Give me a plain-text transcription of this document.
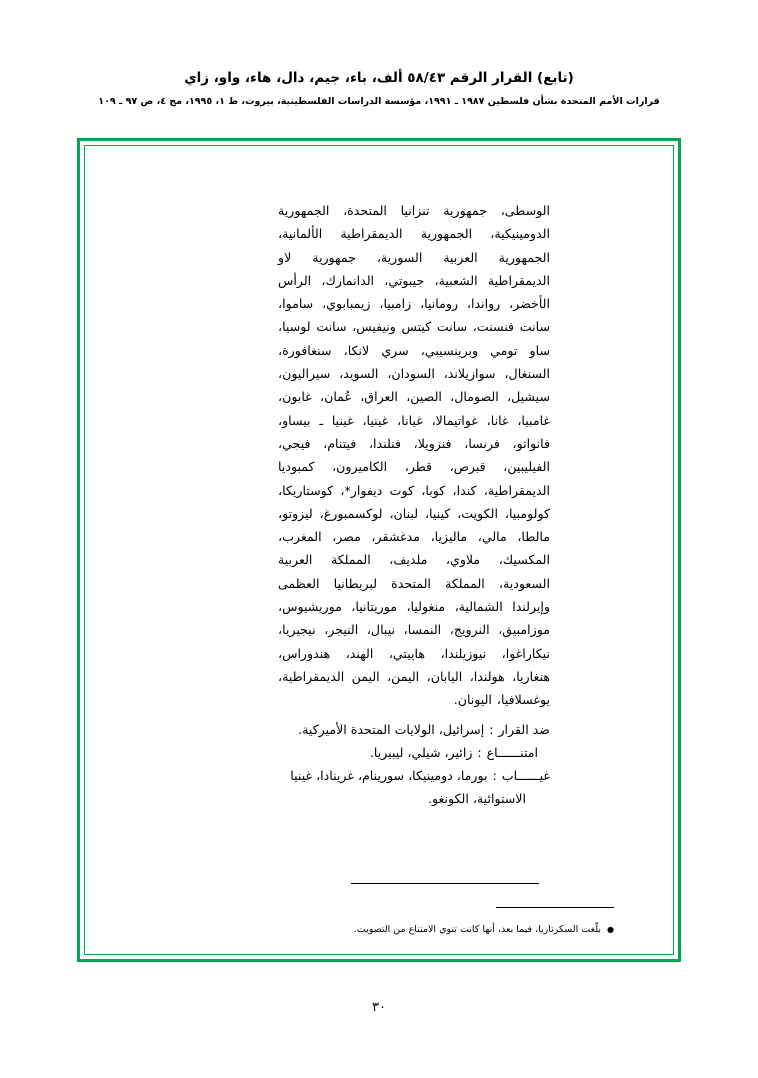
(تابع) القرار الرقم ٥٨/٤٣ ألف، باء، جيم، دال، هاء، واو، زاي
قرارات الأمم المتحدة بشأن فلسطين ١٩٨٧ ـ ١٩٩١، مؤسسة الدراسات الفلسطينية، بيروت، ط ١، ١٩٩٥، مج ٤، ص ٩٧ ـ ١٠٩
الوسطى، جمهورية تنزانيا المتحدة، الجمهورية الدومينيكية، الجمهورية الديمقراطية الألمانية، الجمهورية العربية السورية، جمهورية لاو الديمقراطية الشعبية، جيبوتي، الدانمارك، الرأس الأخضر، رواندا، رومانيا، زامبيا، زيمبابوي، ساموا، سانت فنسنت، سانت كيتس ونيفيس، سانت لوسيا، ساو تومي وبرينسيبي، سري لانكا، سنغافورة، السنغال، سوازيلاند، السودان، السويد، سيراليون، سيشيل، الصومال، الصين، العراق، عُمان، غابون، غامبيا، غانا، غواتيمالا، غيانا، غينيا، غينيا ـ بيساو، فانواتو، فرنسا، فنزويلا، فنلندا، فيتنام، فيجي، الفيليبين، قبرص، قطر، الكاميرون، كمبوديا الديمقراطية، كندا، كوبا، كوت ديفوار*، كوستاريكا، كولومبيا، الكويت، كينيا، لبنان، لوكسمبورغ، ليزوتو، مالطا، مالي، ماليزيا، مدغشقر، مصر، المغرب، المكسيك، ملاوي، ملديف، المملكة العربية السعودية، المملكة المتحدة لبريطانيا العظمى وإيرلندا الشمالية، منغوليا، موريتانيا، موريشيوس، موزامبيق، النرويج، النمسا، نيبال، النيجر، نيجيريا، نيكاراغوا، نيوزيلندا، هاييتي، الهند، هندوراس، هنغاريا، هولندا، اليابان، اليمن، اليمن الديمقراطية، يوغسلافيا، اليونان.
ضد القرار
:
إسرائيل، الولايات المتحدة الأميركية.
امتنــــــاع
:
زائير، شيلي، ليبيريا.
غيــــــاب
:
بورما، دومينيكا، سورينام، غرينادا، غينيا
الاستوائية، الكونغو.
●
بلّغت السكرتاريا، فيما بعد، أنها كانت تنوي الامتناع من التصويت.
٣٠
